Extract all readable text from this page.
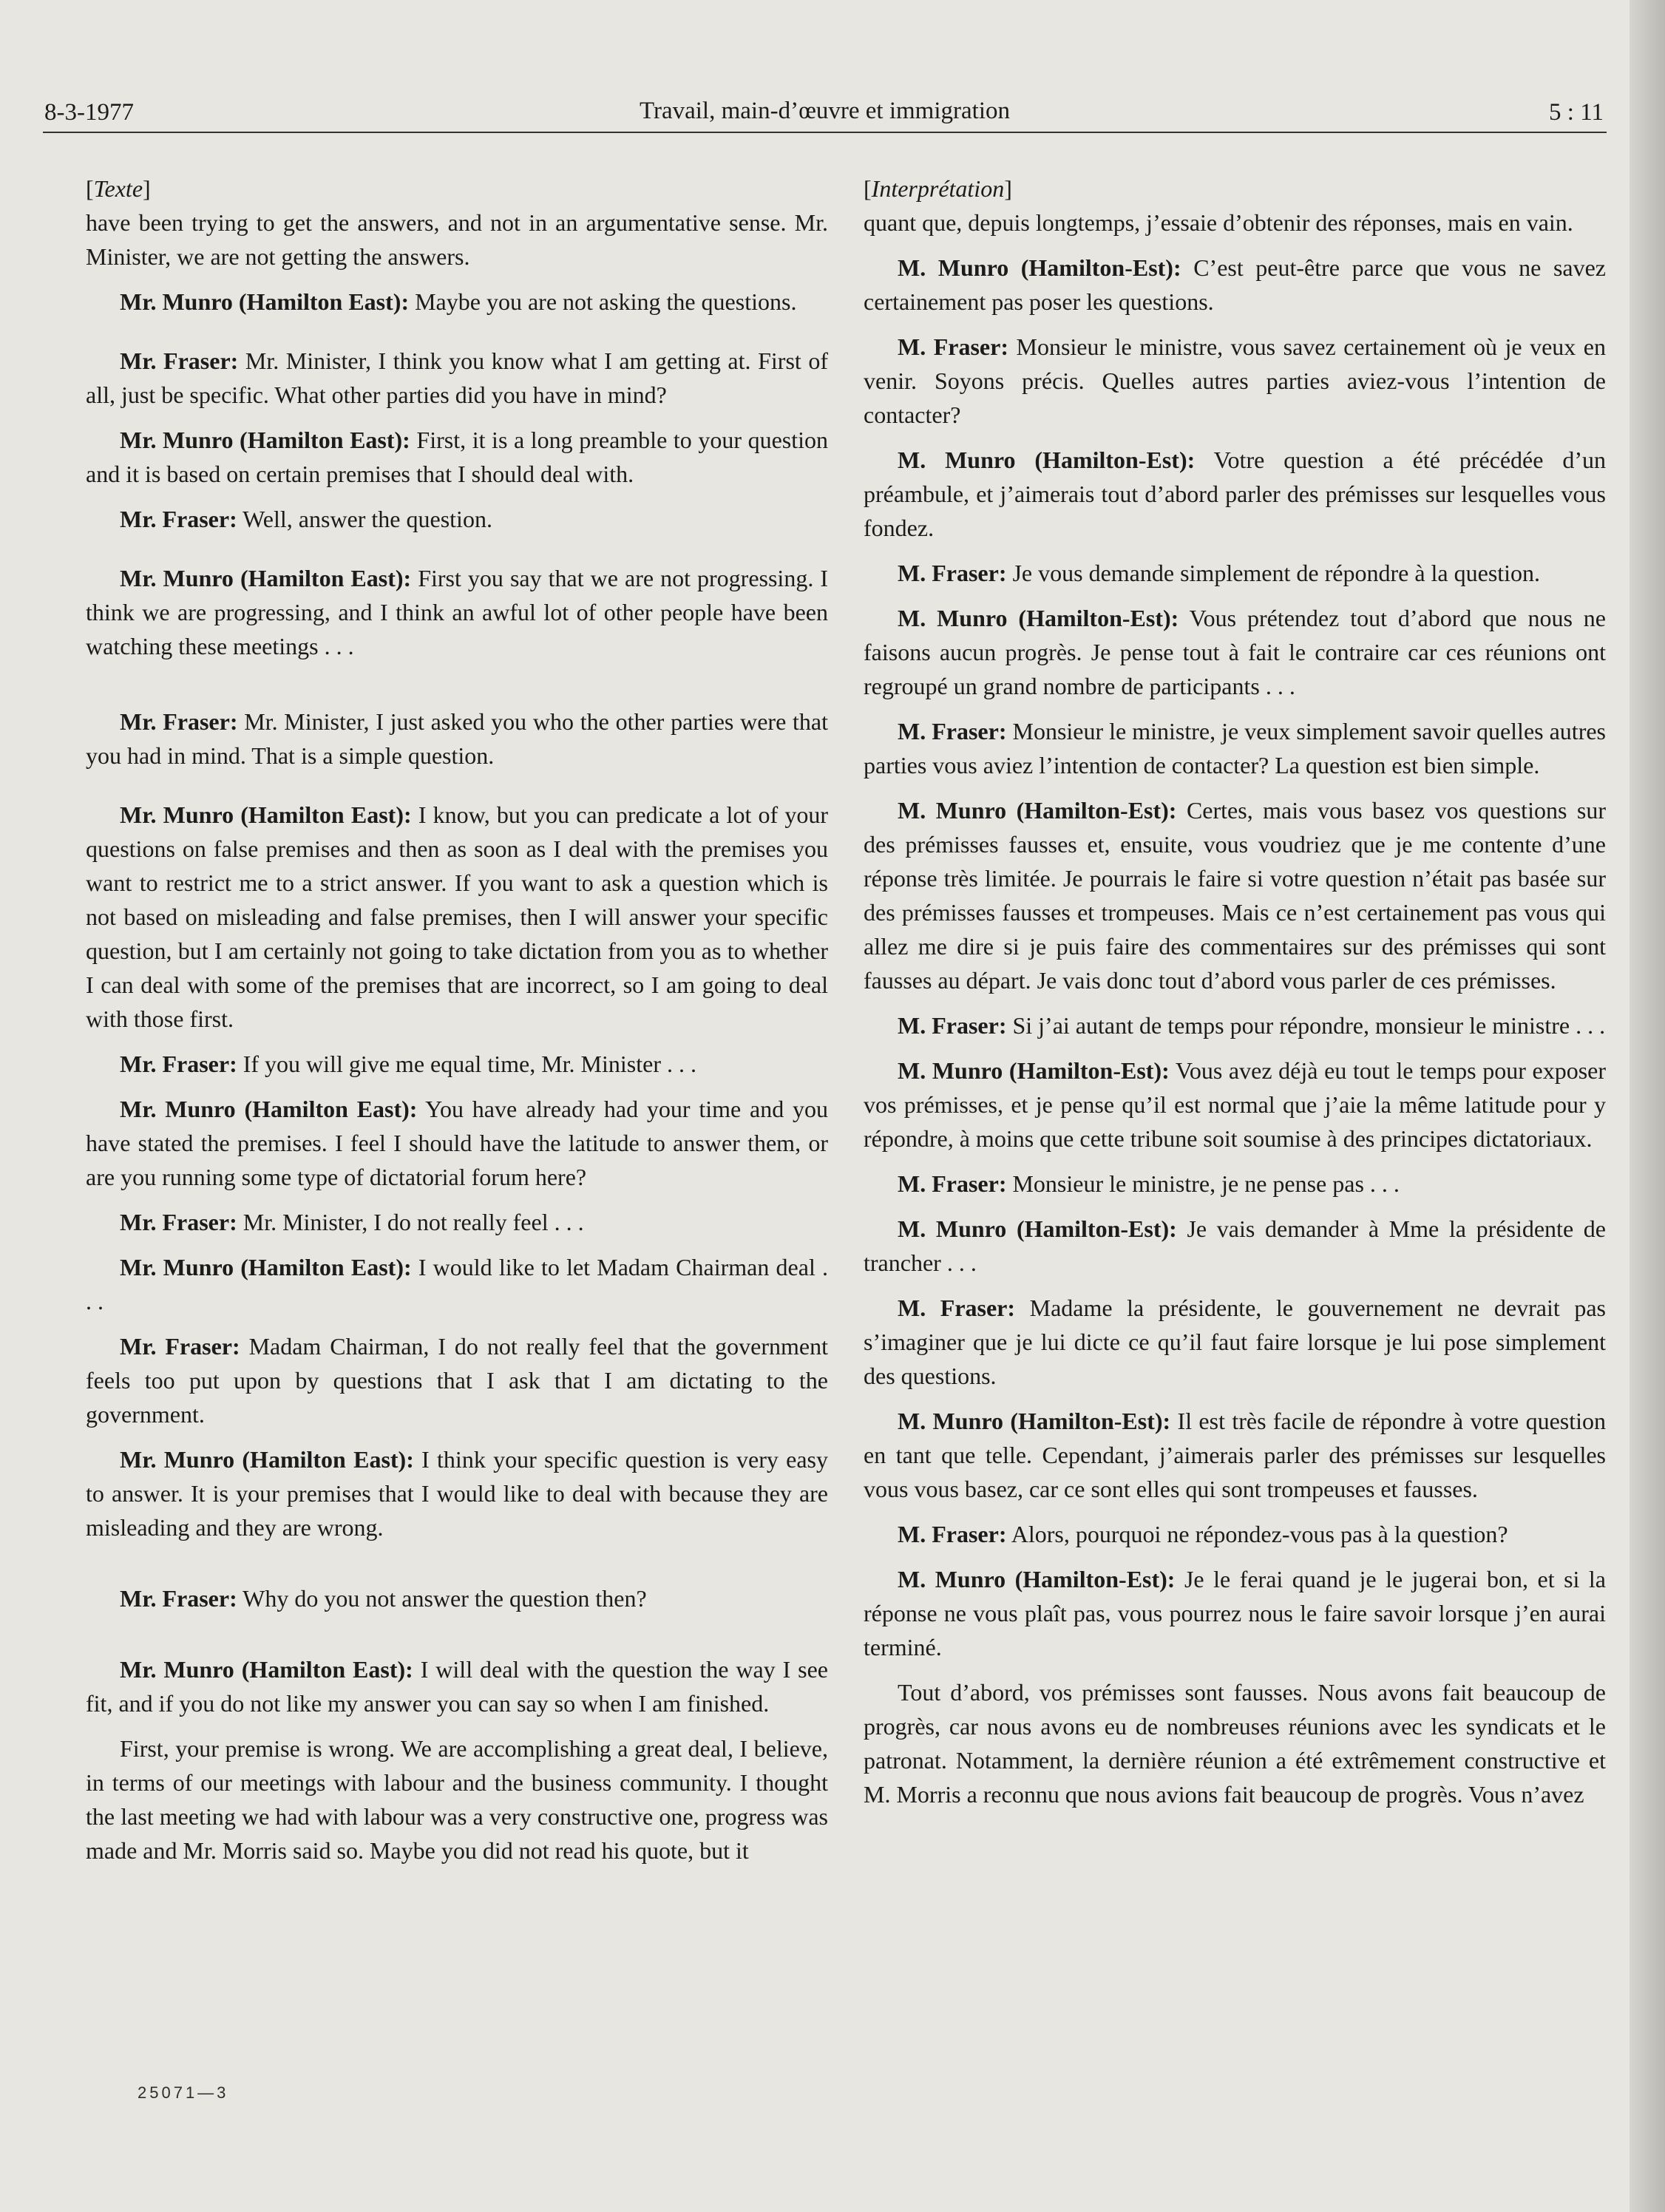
8-3-1977	Travail, main-d’œuvre et immigration	5 : 11

[Texte]

have been trying to get the answers, and not in an argumentative sense. Mr. Minister, we are not getting the answers.

Mr. Munro (Hamilton East): Maybe you are not asking the questions.

Mr. Fraser: Mr. Minister, I think you know what I am getting at. First of all, just be specific. What other parties did you have in mind?

Mr. Munro (Hamilton East): First, it is a long preamble to your question and it is based on certain premises that I should deal with.

Mr. Fraser: Well, answer the question.

Mr. Munro (Hamilton East): First you say that we are not progressing. I think we are progressing, and I think an awful lot of other people have been watching these meetings . . .

Mr. Fraser: Mr. Minister, I just asked you who the other parties were that you had in mind. That is a simple question.

Mr. Munro (Hamilton East): I know, but you can predicate a lot of your questions on false premises and then as soon as I deal with the premises you want to restrict me to a strict answer. If you want to ask a question which is not based on misleading and false premises, then I will answer your specific question, but I am certainly not going to take dictation from you as to whether I can deal with some of the premises that are incorrect, so I am going to deal with those first.

Mr. Fraser: If you will give me equal time, Mr. Minister . . .

Mr. Munro (Hamilton East): You have already had your time and you have stated the premises. I feel I should have the latitude to answer them, or are you running some type of dictatorial forum here?

Mr. Fraser: Mr. Minister, I do not really feel . . .

Mr. Munro (Hamilton East): I would like to let Madam Chairman deal . . .

Mr. Fraser: Madam Chairman, I do not really feel that the government feels too put upon by questions that I ask that I am dictating to the government.

Mr. Munro (Hamilton East): I think your specific question is very easy to answer. It is your premises that I would like to deal with because they are misleading and they are wrong.

Mr. Fraser: Why do you not answer the question then?

Mr. Munro (Hamilton East): I will deal with the question the way I see fit, and if you do not like my answer you can say so when I am finished.

First, your premise is wrong. We are accomplishing a great deal, I believe, in terms of our meetings with labour and the business community. I thought the last meeting we had with labour was a very constructive one, progress was made and Mr. Morris said so. Maybe you did not read his quote, but it

[Interprétation]

quant que, depuis longtemps, j’essaie d’obtenir des réponses, mais en vain.

M. Munro (Hamilton-Est): C’est peut-être parce que vous ne savez certainement pas poser les questions.

M. Fraser: Monsieur le ministre, vous savez certainement où je veux en venir. Soyons précis. Quelles autres parties aviez-vous l’intention de contacter?

M. Munro (Hamilton-Est): Votre question a été précédée d’un préambule, et j’aimerais tout d’abord parler des prémisses sur lesquelles vous fondez.

M. Fraser: Je vous demande simplement de répondre à la question.

M. Munro (Hamilton-Est): Vous prétendez tout d’abord que nous ne faisons aucun progrès. Je pense tout à fait le contraire car ces réunions ont regroupé un grand nombre de participants . . .

M. Fraser: Monsieur le ministre, je veux simplement savoir quelles autres parties vous aviez l’intention de contacter? La question est bien simple.

M. Munro (Hamilton-Est): Certes, mais vous basez vos questions sur des prémisses fausses et, ensuite, vous voudriez que je me contente d’une réponse très limitée. Je pourrais le faire si votre question n’était pas basée sur des prémisses fausses et trompeuses. Mais ce n’est certainement pas vous qui allez me dire si je puis faire des commentaires sur des prémisses qui sont fausses au départ. Je vais donc tout d’abord vous parler de ces prémisses.

M. Fraser: Si j’ai autant de temps pour répondre, monsieur le ministre . . .

M. Munro (Hamilton-Est): Vous avez déjà eu tout le temps pour exposer vos prémisses, et je pense qu’il est normal que j’aie la même latitude pour y répondre, à moins que cette tribune soit soumise à des principes dictatoriaux.

M. Fraser: Monsieur le ministre, je ne pense pas . . .

M. Munro (Hamilton-Est): Je vais demander à Mme la présidente de trancher . . .

M. Fraser: Madame la présidente, le gouvernement ne devrait pas s’imaginer que je lui dicte ce qu’il faut faire lorsque je lui pose simplement des questions.

M. Munro (Hamilton-Est): Il est très facile de répondre à votre question en tant que telle. Cependant, j’aimerais parler des prémisses sur lesquelles vous vous basez, car ce sont elles qui sont trompeuses et fausses.

M. Fraser: Alors, pourquoi ne répondez-vous pas à la question?

M. Munro (Hamilton-Est): Je le ferai quand je le jugerai bon, et si la réponse ne vous plaît pas, vous pourrez nous le faire savoir lorsque j’en aurai terminé.

Tout d’abord, vos prémisses sont fausses. Nous avons fait beaucoup de progrès, car nous avons eu de nombreuses réunions avec les syndicats et le patronat. Notamment, la dernière réunion a été extrêmement constructive et M. Morris a reconnu que nous avions fait beaucoup de progrès. Vous n’avez

25071—3
